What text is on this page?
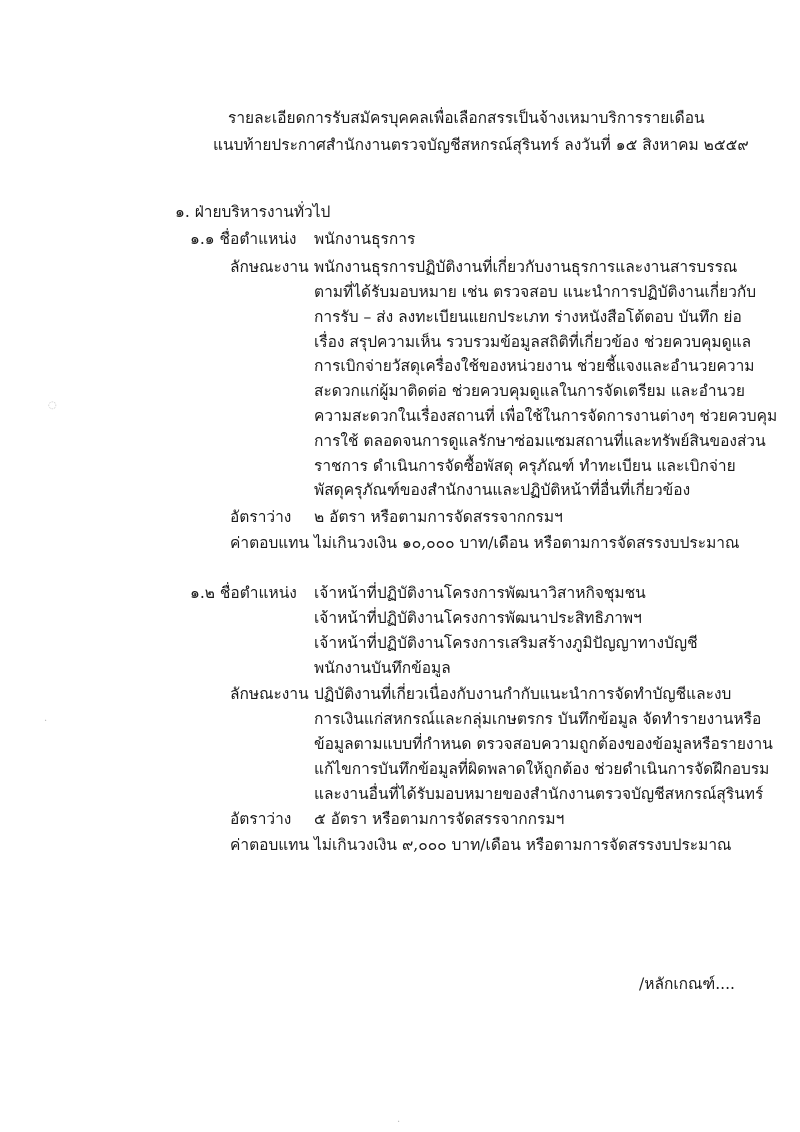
รายละเอียดการรับสมัครบุคคลเพื่อเลือกสรรเป็นจ้างเหมาบริการรายเดือน
แนบท้ายประกาศสำนักงานตรวจบัญชีสหกรณ์สุรินทร์ ลงวันที่ ๑๕ สิงหาคม ๒๕๕๙
๑. ฝ่ายบริหารงานทั่วไป
๑.๑ ชื่อตำแหน่ง พนักงานธุรการ
ลักษณะงาน พนักงานธุรการปฏิบัติงานที่เกี่ยวกับงานธุรการและงานสารบรรณ
ตามที่ได้รับมอบหมาย เช่น ตรวจสอบ แนะนำการปฏิบัติงานเกี่ยวกับ
การรับ – ส่ง ลงทะเบียนแยกประเภท ร่างหนังสือโต้ตอบ บันทึก ย่อ
เรื่อง สรุปความเห็น รวบรวมข้อมูลสถิติที่เกี่ยวข้อง ช่วยควบคุมดูแล
การเบิกจ่ายวัสดุเครื่องใช้ของหน่วยงาน ช่วยชี้แจงและอำนวยความ
สะดวกแก่ผู้มาติดต่อ ช่วยควบคุมดูแลในการจัดเตรียม และอำนวย
ความสะดวกในเรื่องสถานที่ เพื่อใช้ในการจัดการงานต่างๆ ช่วยควบคุม
การใช้ ตลอดจนการดูแลรักษาซ่อมแซมสถานที่และทรัพย์สินของส่วน
ราชการ ดำเนินการจัดซื้อพัสดุ ครุภัณฑ์ ทำทะเบียน และเบิกจ่าย
พัสดุครุภัณฑ์ของสำนักงานและปฏิบัติหน้าที่อื่นที่เกี่ยวข้อง
อัตราว่าง ๒ อัตรา หรือตามการจัดสรรจากกรมฯ
ค่าตอบแทน ไม่เกินวงเงิน ๑๐,๐๐๐ บาท/เดือน หรือตามการจัดสรรงบประมาณ
๑.๒ ชื่อตำแหน่ง เจ้าหน้าที่ปฏิบัติงานโครงการพัฒนาวิสาหกิจชุมชน
เจ้าหน้าที่ปฏิบัติงานโครงการพัฒนาประสิทธิภาพฯ
เจ้าหน้าที่ปฏิบัติงานโครงการเสริมสร้างภูมิปัญญาทางบัญชี
พนักงานบันทึกข้อมูล
ลักษณะงาน ปฏิบัติงานที่เกี่ยวเนื่องกับงานกำกับแนะนำการจัดทำบัญชีและงบ
การเงินแก่สหกรณ์และกลุ่มเกษตรกร บันทึกข้อมูล จัดทำรายงานหรือ
ข้อมูลตามแบบที่กำหนด ตรวจสอบความถูกต้องของข้อมูลหรือรายงาน
แก้ไขการบันทึกข้อมูลที่ผิดพลาดให้ถูกต้อง ช่วยดำเนินการจัดฝึกอบรม
และงานอื่นที่ได้รับมอบหมายของสำนักงานตรวจบัญชีสหกรณ์สุรินทร์
อัตราว่าง ๕ อัตรา หรือตามการจัดสรรจากกรมฯ
ค่าตอบแทน ไม่เกินวงเงิน ๙,๐๐๐ บาท/เดือน หรือตามการจัดสรรงบประมาณ
/หลักเกณฑ์....
◌
·
·
